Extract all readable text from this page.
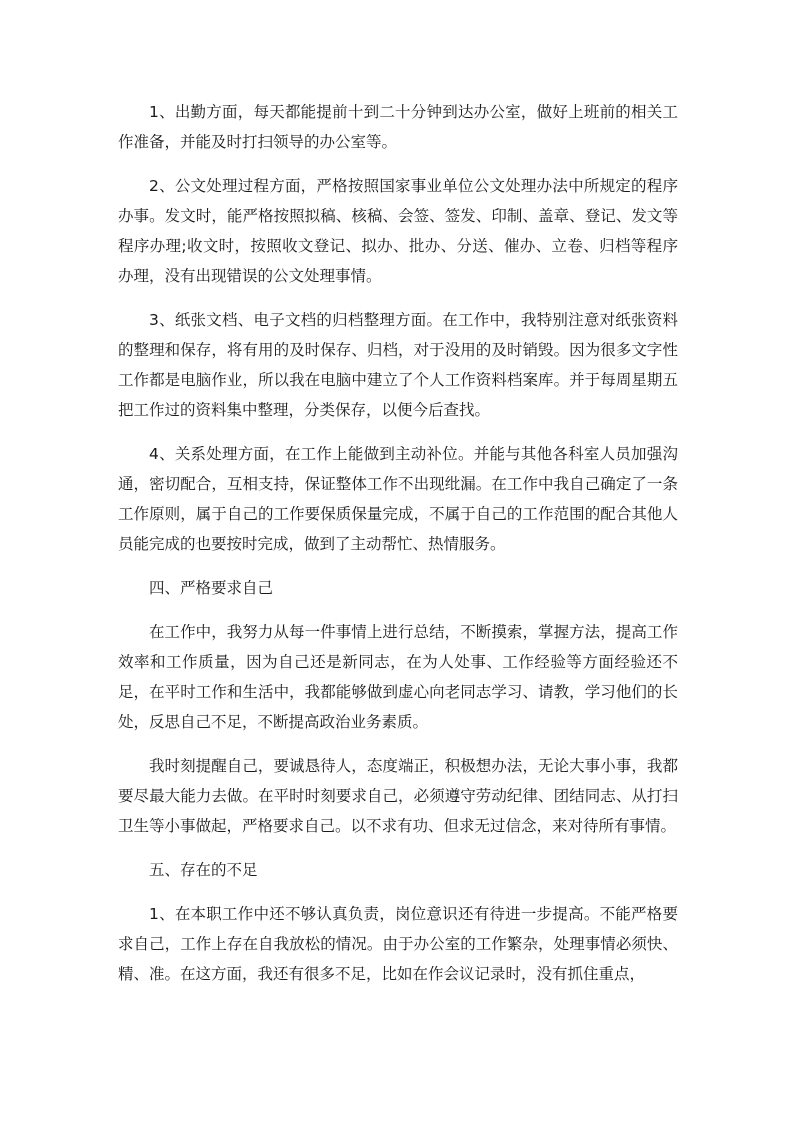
1、出勤方面，每天都能提前十到二十分钟到达办公室，做好上班前的相关工作准备，并能及时打扫领导的办公室等。

2、公文处理过程方面，严格按照国家事业单位公文处理办法中所规定的程序办事。发文时，能严格按照拟稿、核稿、会签、签发、印制、盖章、登记、发文等程序办理;收文时，按照收文登记、拟办、批办、分送、催办、立卷、归档等程序办理，没有出现错误的公文处理事情。

3、纸张文档、电子文档的归档整理方面。在工作中，我特别注意对纸张资料的整理和保存，将有用的及时保存、归档，对于没用的及时销毁。因为很多文字性工作都是电脑作业，所以我在电脑中建立了个人工作资料档案库。并于每周星期五把工作过的资料集中整理，分类保存，以便今后查找。

4、关系处理方面，在工作上能做到主动补位。并能与其他各科室人员加强沟通，密切配合，互相支持，保证整体工作不出现纰漏。在工作中我自己确定了一条工作原则，属于自己的工作要保质保量完成，不属于自己的工作范围的配合其他人员能完成的也要按时完成，做到了主动帮忙、热情服务。

四、严格要求自己

在工作中，我努力从每一件事情上进行总结，不断摸索，掌握方法，提高工作效率和工作质量，因为自己还是新同志，在为人处事、工作经验等方面经验还不足，在平时工作和生活中，我都能够做到虚心向老同志学习、请教，学习他们的长处，反思自己不足，不断提高政治业务素质。

我时刻提醒自己，要诚恳待人，态度端正，积极想办法，无论大事小事，我都要尽最大能力去做。在平时时刻要求自己，必须遵守劳动纪律、团结同志、从打扫卫生等小事做起，严格要求自己。以不求有功、但求无过信念，来对待所有事情。

五、存在的不足

1、在本职工作中还不够认真负责，岗位意识还有待进一步提高。不能严格要求自己，工作上存在自我放松的情况。由于办公室的工作繁杂，处理事情必须快、精、准。在这方面，我还有很多不足，比如在作会议记录时，没有抓住重点，
